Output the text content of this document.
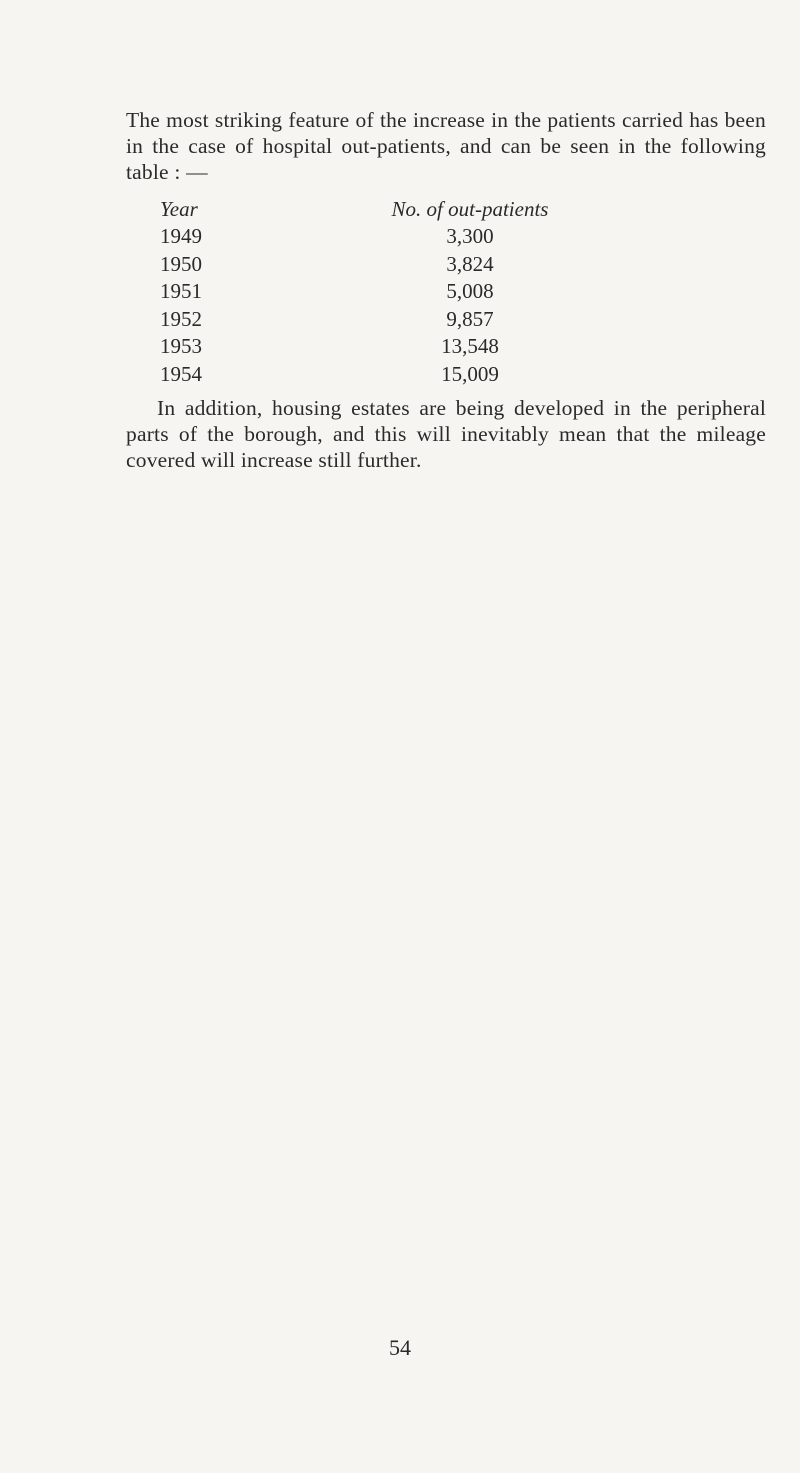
The most striking feature of the increase in the patients carried has been in the case of hospital out-patients, and can be seen in the following table : —

Year	No. of out-patients
1949	3,300
1950	3,824
1951	5,008
1952	9,857
1953	13,548
1954	15,009

In addition, housing estates are being developed in the peripheral parts of the borough, and this will inevitably mean that the mileage covered will increase still further.

54
